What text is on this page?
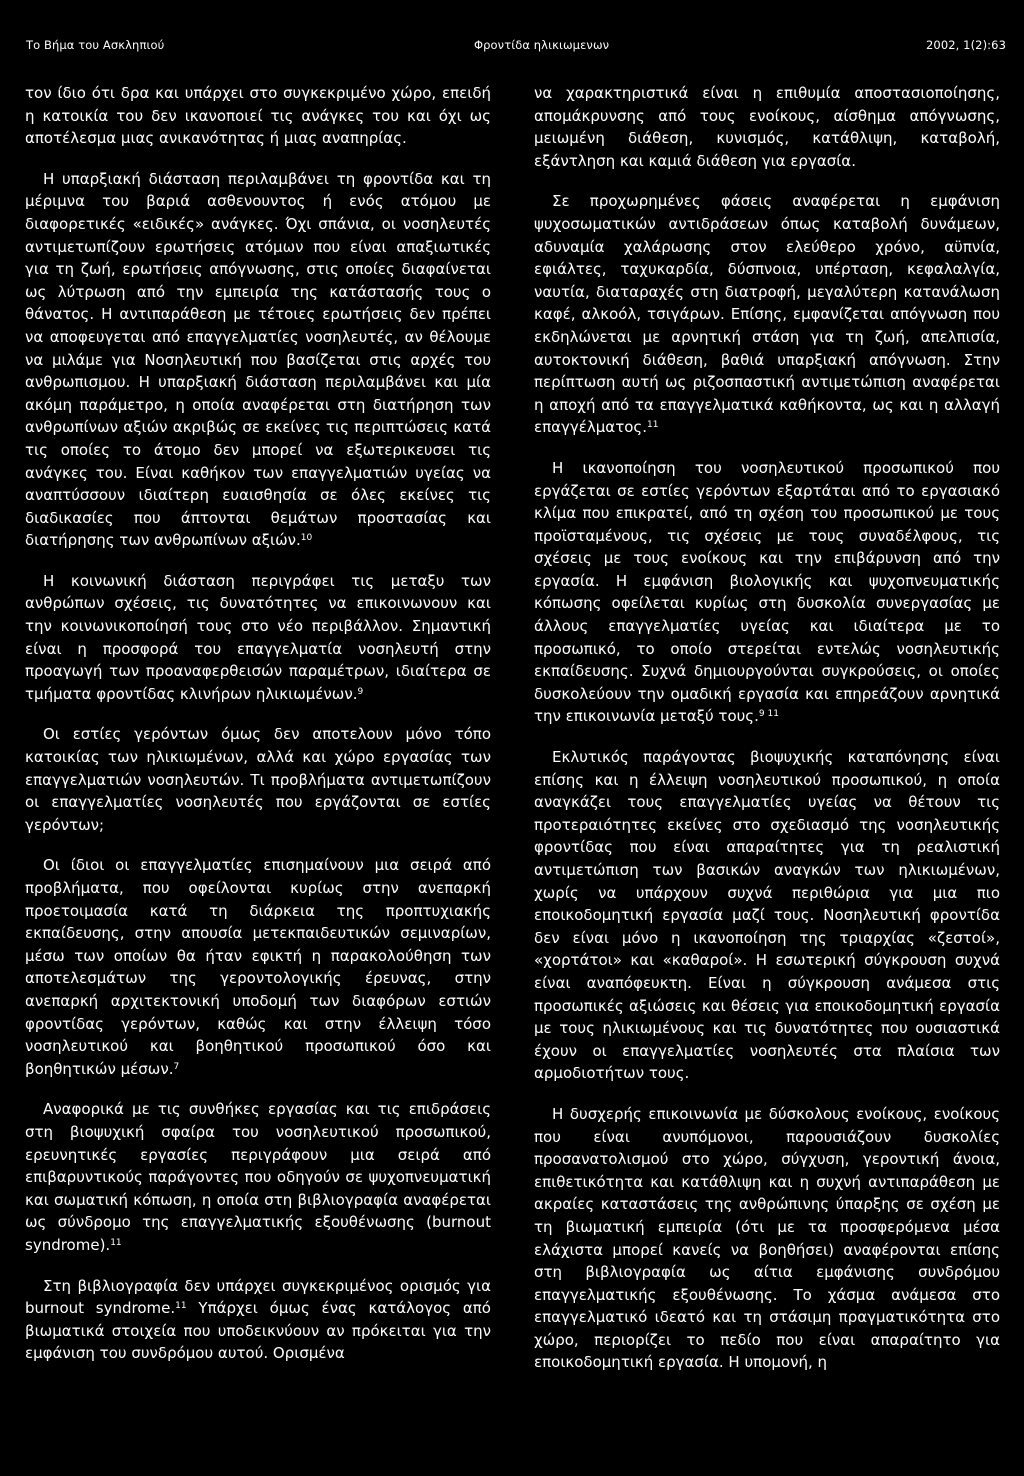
Το Βήμα του Ασκληπιού	Φροντίδα ηλικιωμενων	2002, 1(2):63

τον ίδιο ότι δρα και υπάρχει στο συγκεκριμένο χώρο, επειδή η κατοικία του δεν ικανοποιεί τις ανάγκες του και όχι ως αποτέλεσμα μιας ανικανότητας ή μιας αναπηρίας.

Η υπαρξιακή διάσταση περιλαμβάνει τη φροντίδα και τη μέριμνα του βαριά ασθενουντος ή ενός ατόμου με διαφορετικές «ειδικές» ανάγκες. Όχι σπάνια, οι νοσηλευτές αντιμετωπίζουν ερωτήσεις ατόμων που είναι απαξιωτικές για τη ζωή, ερωτήσεις απόγνωσης, στις οποίες διαφαίνεται ως λύτρωση από την εμπειρία της κατάστασής τους ο θάνατος. Η αντιπαράθεση με τέτοιες ερωτήσεις δεν πρέπει να αποφευγεται από επαγγελματίες νοσηλευτές, αν θέλουμε να μιλάμε για Νοσηλευτική που βασίζεται στις αρχές του ανθρωπισμου. Η υπαρξιακή διάσταση περιλαμβάνει και μία ακόμη παράμετρο, η οποία αναφέρεται στη διατήρηση των ανθρωπίνων αξιών ακριβώς σε εκείνες τις περιπτώσεις κατά τις οποίες το άτομο δεν μπορεί να εξωτερικευσει τις ανάγκες του. Είναι καθήκον των επαγγελματιών υγείας να αναπτύσσουν ιδιαίτερη ευαισθησία σε όλες εκείνες τις διαδικασίες που άπτονται θεμάτων προστασίας και διατήρησης των ανθρωπίνων αξιών.$^{10}$

Η κοινωνική διάσταση περιγράφει τις μεταξυ των ανθρώπων σχέσεις, τις δυνατότητες να επικοινωνουν και την κοινωνικοποίησή τους στο νέο περιβάλλον. Σημαντική είναι η προσφορά του επαγγελματία νοσηλευτή στην προαγωγή των προαναφερθεισών παραμέτρων, ιδιαίτερα σε τμήματα φροντίδας κλινήρων ηλικιωμένων.$^9$

Οι εστίες γερόντων όμως δεν αποτελουν μόνο τόπο κατοικίας των ηλικιωμένων, αλλά και χώρο εργασίας των επαγγελματιών νοσηλευτών. Τι προβλήματα αντιμετωπίζουν οι επαγγελματίες νοσηλευτές που εργάζονται σε εστίες γερόντων;

Οι ίδιοι οι επαγγελματίες επισημαίνουν μια σειρά από προβλήματα, που οφείλονται κυρίως στην ανεπαρκή προετοιμασία κατά τη διάρκεια της προπτυχιακής εκπαίδευσης, στην απουσία μετεκπαιδευτικών σεμιναρίων, μέσω των οποίων θα ήταν εφικτή η παρακολούθηση των αποτελεσμάτων της γεροντολογικής έρευνας, στην ανεπαρκή αρχιτεκτονική υποδομή των διαφόρων εστιών φροντίδας γερόντων, καθώς και στην έλλειψη τόσο νοσηλευτικού και βοηθητικού προσωπικού όσο και βοηθητικών μέσων.$^7$

Αναφορικά με τις συνθήκες εργασίας και τις επιδράσεις στη βιοψυχική σφαίρα του νοσηλευτικού προσωπικού, ερευνητικές εργασίες περιγράφουν μια σειρά από επιβαρυντικούς παράγοντες που οδηγούν σε ψυχοπνευματική και σωματική κόπωση, η οποία στη βιβλιογραφία αναφέρεται ως σύνδρομο της επαγγελματικής εξουθένωσης (burnout syndrome).$^{11}$

Στη βιβλιογραφία δεν υπάρχει συγκεκριμένος ορισμός για burnout syndrome.$^{11}$ Υπάρχει όμως ένας κατάλογος από βιωματικά στοιχεία που υποδεικνύουν αν πρόκειται για την εμφάνιση του συνδρόμου αυτού. Ορισμένα

να χαρακτηριστικά είναι η επιθυμία αποστασιοποίησης, απομάκρυνσης από τους ενοίκους, αίσθημα απόγνωσης, μειωμένη διάθεση, κυνισμός, κατάθλιψη, καταβολή, εξάντληση και καμιά διάθεση για εργασία.

Σε προχωρημένες φάσεις αναφέρεται η εμφάνιση ψυχοσωματικών αντιδράσεων όπως καταβολή δυνάμεων, αδυναμία χαλάρωσης στον ελεύθερο χρόνο, αϋπνία, εφιάλτες, ταχυκαρδία, δύσπνοια, υπέρταση, κεφαλαλγία, ναυτία, διαταραχές στη διατροφή, μεγαλύτερη κατανάλωση καφέ, αλκοόλ, τσιγάρων. Επίσης, εμφανίζεται απόγνωση που εκδηλώνεται με αρνητική στάση για τη ζωή, απελπισία, αυτοκτονική διάθεση, βαθιά υπαρξιακή απόγνωση. Στην περίπτωση αυτή ως ριζοσπαστική αντιμετώπιση αναφέρεται η αποχή από τα επαγγελματικά καθήκοντα, ως και η αλλαγή επαγγέλματος.$^{11}$

Η ικανοποίηση του νοσηλευτικού προσωπικού που εργάζεται σε εστίες γερόντων εξαρτάται από το εργασιακό κλίμα που επικρατεί, από τη σχέση του προσωπικού με τους προϊσταμένους, τις σχέσεις με τους συναδέλφους, τις σχέσεις με τους ενοίκους και την επιβάρυνση από την εργασία. Η εμφάνιση βιολογικής και ψυχοπνευματικής κόπωσης οφείλεται κυρίως στη δυσκολία συνεργασίας με άλλους επαγγελματίες υγείας και ιδιαίτερα με το προσωπικό, το οποίο στερείται εντελώς νοσηλευτικής εκπαίδευσης. Συχνά δημιουργούνται συγκρούσεις, οι οποίες δυσκολεύουν την ομαδική εργασία και επηρεάζουν αρνητικά την επικοινωνία μεταξύ τους.$^{9 11}$

Εκλυτικός παράγοντας βιοψυχικής καταπόνησης είναι επίσης και η έλλειψη νοσηλευτικού προσωπικού, η οποία αναγκάζει τους επαγγελματίες υγείας να θέτουν τις προτεραιότητες εκείνες στο σχεδιασμό της νοσηλευτικής φροντίδας που είναι απαραίτητες για τη ρεαλιστική αντιμετώπιση των βασικών αναγκών των ηλικιωμένων, χωρίς να υπάρχουν συχνά περιθώρια για μια πιο εποικοδομητική εργασία μαζί τους. Νοσηλευτική φροντίδα δεν είναι μόνο η ικανοποίηση της τριαρχίας «ζεστοί», «χορτάτοι» και «καθαροί». Η εσωτερική σύγκρουση συχνά είναι αναπόφευκτη. Είναι η σύγκρουση ανάμεσα στις προσωπικές αξιώσεις και θέσεις για εποικοδομητική εργασία με τους ηλικιωμένους και τις δυνατότητες που ουσιαστικά έχουν οι επαγγελματίες νοσηλευτές στα πλαίσια των αρμοδιοτήτων τους.

Η δυσχερής επικοινωνία με δύσκολους ενοίκους, ενοίκους που είναι ανυπόμονοι, παρουσιάζουν δυσκολίες προσανατολισμού στο χώρο, σύγχυση, γεροντική άνοια, επιθετικότητα και κατάθλιψη και η συχνή αντιπαράθεση με ακραίες καταστάσεις της ανθρώπινης ύπαρξης σε σχέση με τη βιωματική εμπειρία (ότι με τα προσφερόμενα μέσα ελάχιστα μπορεί κανείς να βοηθήσει) αναφέρονται επίσης στη βιβλιογραφία ως αίτια εμφάνισης συνδρόμου επαγγελματικής εξουθένωσης. Το χάσμα ανάμεσα στο επαγγελματικό ιδεατό και τη στάσιμη πραγματικότητα στο χώρο, περιορίζει το πεδίο που είναι απαραίτητο για εποικοδομητική εργασία. Η υπομονή, η
